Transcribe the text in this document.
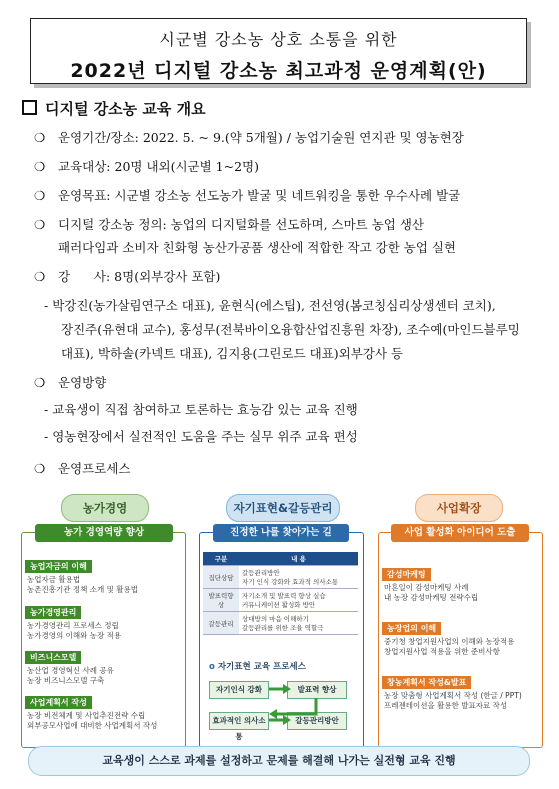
시군별 강소농 상호 소통을 위한
2022년 디지털 강소농 최고과정 운영계획(안)
디지털 강소농 교육 개요
❍ 운영기간/장소: 2022. 5. ~ 9.(약 5개월) / 농업기술원 연지관 및 영농현장
❍ 교육대상: 20명 내외(시군별 1~2명)
❍ 운영목표: 시군별 강소농 선도농가 발굴 및 네트워킹을 통한 우수사례 발굴
❍ 디지털 강소농 정의: 농업의 디지털화를 선도하며, 스마트 농업 생산
패러다임과 소비자 친화형 농산가공품 생산에 적합한 작고 강한 농업 실현
❍ 강      사: 8명(외부강사 포함)
- 박강진(농가살림연구소 대표), 윤현식(에스팁), 전선영(봄코칭심리상생센터 코치),
장진주(유현대 교수), 홍성무(전북바이오융합산업진흥원 차장), 조수예(마인드블루밍
대표), 박하솔(카넥트 대표), 김지용(그린로드 대표)외부강사 등
❍ 운영방향
- 교육생이 직접 참여하고 토론하는 효능감 있는 교육 진행
- 영농현장에서 실전적인 도움을 주는 실무 위주 교육 편성
❍ 운영프로세스
농가경영
농가 경영역량 향상
농업자금의 이해
농업자금 활용법
농촌진흥기관 정책 소개 및 활용법
농가경영관리
농가경영관리 프로세스 정립
농가경영의 이해와 농장 적용
비즈니스모델
농산업 경영혁신 사례 공유
농장 비즈니스모델 구축
사업계획서 작성
농장 비전체계 및 사업추진전략 수립
외부공모사업에 대비한 사업계획서 작성
자기표현&갈등관리
진정한 나를 찾아가는 길
구분	내 용
집단상담	갈등관리방안
자기 인식 강화와 효과적 의사소통

발표력향상	자기소개 및 발표력 향상 실습
커뮤니케이션 활성화 방안

갈등관리	상대방의 마음 이해하기
갈등관리를 위한 조율 역할극
o 자기표현 교육 프로세스
자기인식 강화	발표력 향상
효과적인 의사소통
갈등관리방안
사업확장
사업 활성화 아이디어 도출
감성마케팅
마흔일이 감성마케팅 사례
내 농장 감성마케팅 전략수립
농장업의 이해
중기청 창업지원사업의 이해와 농장적용
창업지원사업 적용을 위한 준비사항
창농계획서 작성&발표
농장 맞춤형 사업계획서 작성 (한글 / PPT)
프레젠테이션을 활용한 발표자료 작성
교육생이 스스로 과제를 설정하고 문제를 해결해 나가는 실전형 교육 진행
